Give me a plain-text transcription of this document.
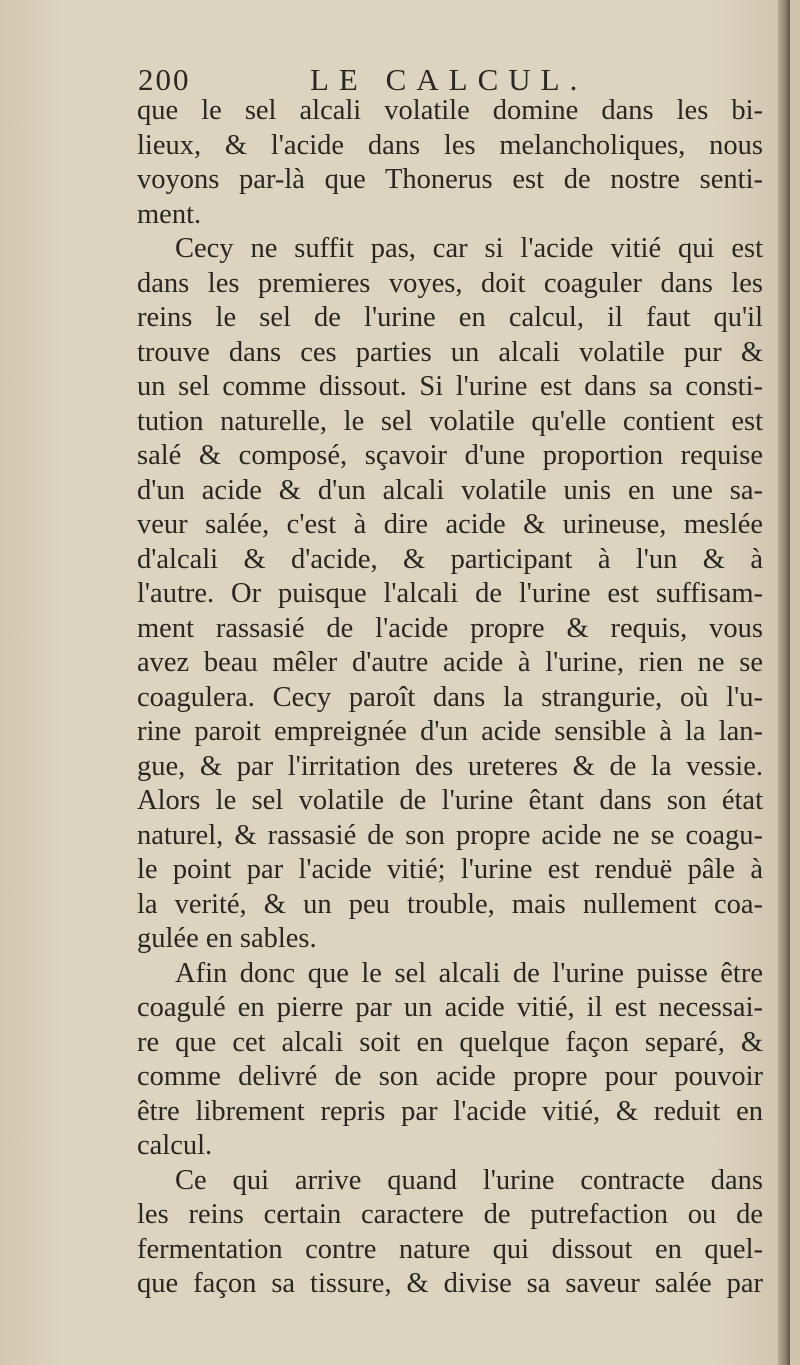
200	LE CALCUL.
que le sel alcali volatile domine dans les bi-
lieux, & l'acide dans les melancholiques, nous
voyons par-là que Thonerus est de nostre senti-
ment.
Cecy ne suffit pas, car si l'acide vitié qui est
dans les premieres voyes, doit coaguler dans les
reins le sel de l'urine en calcul, il faut qu'il
trouve dans ces parties un alcali volatile pur &
un sel comme dissout. Si l'urine est dans sa consti-
tution naturelle, le sel volatile qu'elle contient est
salé & composé, sçavoir d'une proportion requise
d'un acide & d'un alcali volatile unis en une sa-
veur salée, c'est à dire acide & urineuse, meslée
d'alcali & d'acide, & participant à l'un & à
l'autre. Or puisque l'alcali de l'urine est suffisam-
ment rassasié de l'acide propre & requis, vous
avez beau mêler d'autre acide à l'urine, rien ne se
coagulera. Cecy paroît dans la strangurie, où l'u-
rine paroit empreignée d'un acide sensible à la lan-
gue, & par l'irritation des ureteres & de la vessie.
Alors le sel volatile de l'urine êtant dans son état
naturel, & rassasié de son propre acide ne se coagu-
le point par l'acide vitié; l'urine est renduë pâle à
la verité, & un peu trouble, mais nullement coa-
gulée en sables.
Afin donc que le sel alcali de l'urine puisse être
coagulé en pierre par un acide vitié, il est necessai-
re que cet alcali soit en quelque façon separé, &
comme delivré de son acide propre pour pouvoir
être librement repris par l'acide vitié, & reduit en
calcul.
Ce qui arrive quand l'urine contracte dans
les reins certain caractere de putrefaction ou de
fermentation contre nature qui dissout en quel-
que façon sa tissure, & divise sa saveur salée par
